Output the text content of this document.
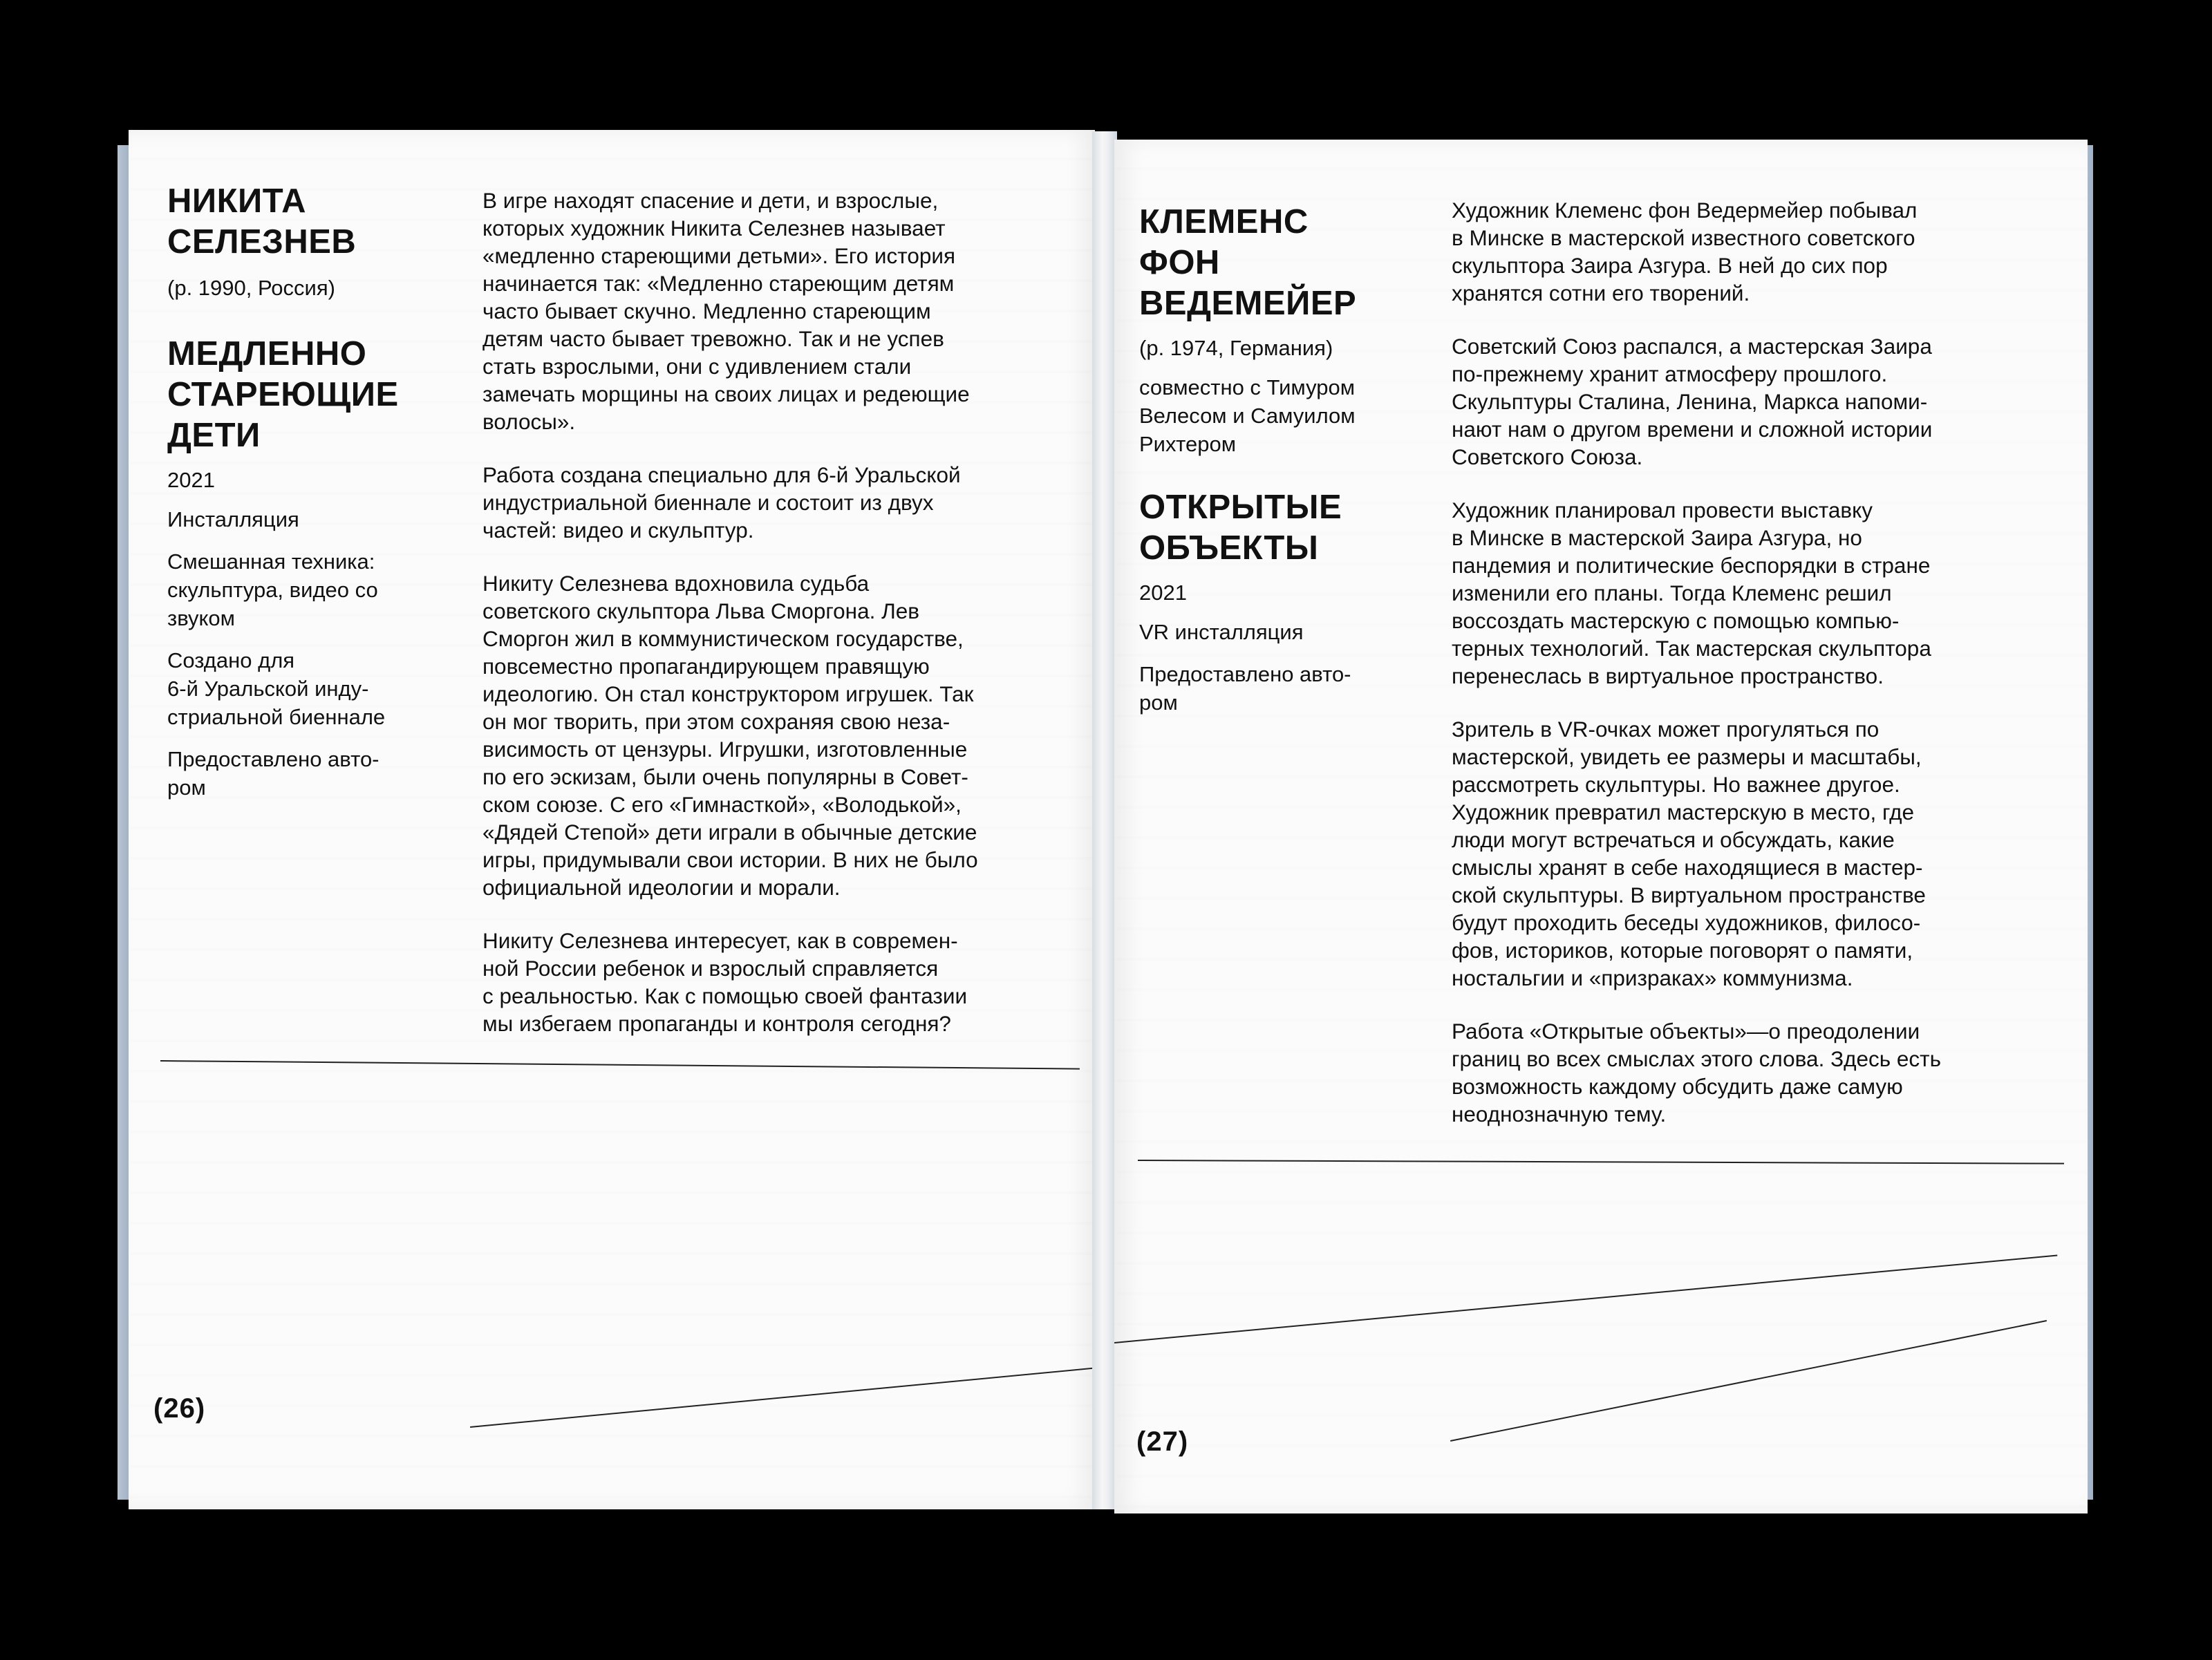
НИКИТА
СЕЛЕЗНЕВ
(р. 1990, Россия)
МЕДЛЕННО
СТАРЕЮЩИЕ
ДЕТИ
2021
Инсталляция
Смешанная техника:
скульптура, видео со
звуком
Создано для
6-й Уральской инду-
стриальной биеннале
Предоставлено авто-
ром

В игре находят спасение и дети, и взрослые,
которых художник Никита Селезнев называет
«медленно стареющими детьми». Его история
начинается так: «Медленно стареющим детям
часто бывает скучно. Медленно стареющим
детям часто бывает тревожно. Так и не успев
стать взрослыми, они с удивлением стали
замечать морщины на своих лицах и редеющие
волосы».

Работа создана специально для 6-й Уральской
индустриальной биеннале и состоит из двух
частей: видео и скульптур.

Никиту Селезнева вдохновила судьба
советского скульптора Льва Сморгона. Лев
Сморгон жил в коммунистическом государстве,
повсеместно пропагандирующем правящую
идеологию. Он стал конструктором игрушек. Так
он мог творить, при этом сохраняя свою неза-
висимость от цензуры. Игрушки, изготовленные
по его эскизам, были очень популярны в Совет-
ском союзе. С его «Гимнасткой», «Володькой»,
«Дядей Степой» дети играли в обычные детские
игры, придумывали свои истории. В них не было
официальной идеологии и морали.

Никиту Селезнева интересует, как в современ-
ной России ребенок и взрослый справляется
с реальностью. Как с помощью своей фантазии
мы избегаем пропаганды и контроля сегодня?

(26)
КЛЕМЕНС
ФОН
ВЕДЕМЕЙЕР
(р. 1974, Германия)
совместно с Тимуром
Велесом и Самуилом
Рихтером
ОТКРЫТЫЕ
ОБЪЕКТЫ
2021
VR инсталляция
Предоставлено авто-
ром

Художник Клеменс фон Ведермейер побывал
в Минске в мастерской известного советского
скульптора Заира Азгура. В ней до сих пор
хранятся сотни его творений.

Советский Союз распался, а мастерская Заира
по-прежнему хранит атмосферу прошлого.
Скульптуры Сталина, Ленина, Маркса напоми-
нают нам о другом времени и сложной истории
Советского Союза.

Художник планировал провести выставку
в Минске в мастерской Заира Азгура, но
пандемия и политические беспорядки в стране
изменили его планы. Тогда Клеменс решил
воссоздать мастерскую с помощью компью-
терных технологий. Так мастерская скульптора
перенеслась в виртуальное пространство.

Зритель в VR-очках может прогуляться по
мастерской, увидеть ее размеры и масштабы,
рассмотреть скульптуры. Но важнее другое.
Художник превратил мастерскую в место, где
люди могут встречаться и обсуждать, какие
смыслы хранят в себе находящиеся в мастер-
ской скульптуры. В виртуальном пространстве
будут проходить беседы художников, филосо-
фов, историков, которые поговорят о памяти,
ностальгии и «призраках» коммунизма.

Работа «Открытые объекты»—о преодолении
границ во всех смыслах этого слова. Здесь есть
возможность каждому обсудить даже самую
неоднозначную тему.

(27)
